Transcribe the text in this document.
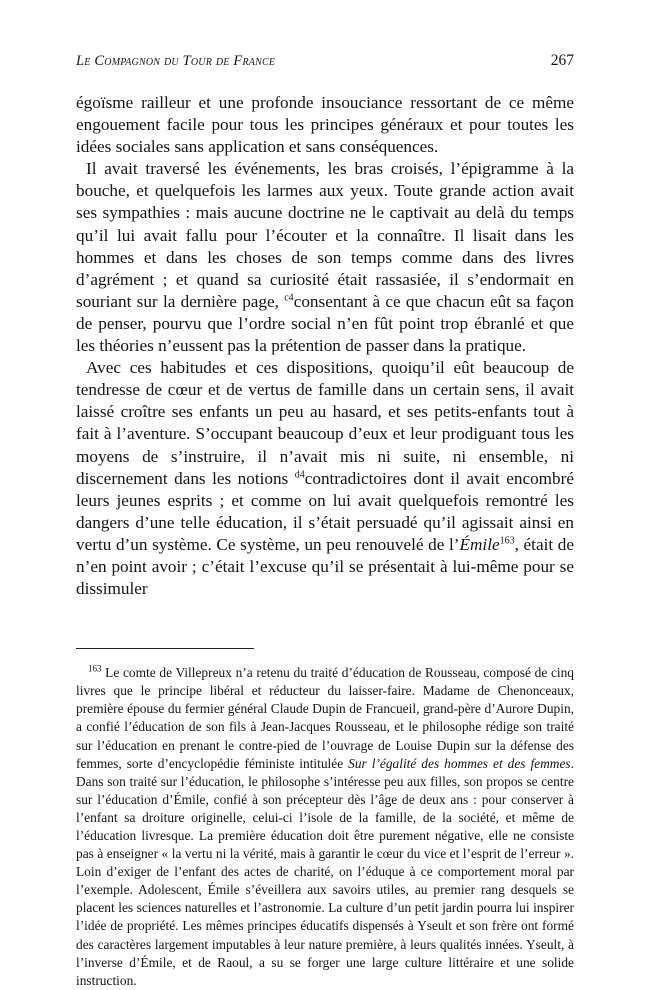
Le Compagnon du Tour de France	267

égoïsme railleur et une profonde insouciance ressortant de ce même engouement facile pour tous les principes généraux et pour toutes les idées sociales sans application et sans conséquences.

Il avait traversé les événements, les bras croisés, l’épigramme à la bouche, et quelquefois les larmes aux yeux. Toute grande action avait ses sympathies : mais aucune doctrine ne le captivait au delà du temps qu’il lui avait fallu pour l’écouter et la connaître. Il lisait dans les hommes et dans les choses de son temps comme dans des livres d’agrément ; et quand sa curiosité était rassasiée, il s’endormait en souriant sur la dernière page, $^{c4}$consentant à ce que chacun eût sa façon de penser, pourvu que l’ordre social n’en fût point trop ébranlé et que les théories n’eussent pas la prétention de passer dans la pratique.

Avec ces habitudes et ces dispositions, quoiqu’il eût beaucoup de tendresse de cœur et de vertus de famille dans un certain sens, il avait laissé croître ses enfants un peu au hasard, et ses petits-enfants tout à fait à l’aventure. S’occupant beaucoup d’eux et leur prodiguant tous les moyens de s’instruire, il n’avait mis ni suite, ni ensemble, ni discernement dans les notions $^{d4}$contradictoires dont il avait encombré leurs jeunes esprits ; et comme on lui avait quelquefois remontré les dangers d’une telle éducation, il s’était persuadé qu’il agissait ainsi en vertu d’un système. Ce système, un peu renouvelé de l’Émile$^{163}$, était de n’en point avoir ; c’était l’excuse qu’il se présentait à lui-même pour se dissimuler

$^{163}$ Le comte de Villepreux n’a retenu du traité d’éducation de Rousseau, composé de cinq livres que le principe libéral et réducteur du laisser-faire. Madame de Chenonceaux, première épouse du fermier général Claude Dupin de Francueil, grand-père d’Aurore Dupin, a confié l’éducation de son fils à Jean-Jacques Rousseau, et le philosophe rédige son traité sur l’éducation en prenant le contre-pied de l’ouvrage de Louise Dupin sur la défense des femmes, sorte d’encyclopédie féministe intitulée Sur l’égalité des hommes et des femmes. Dans son traité sur l’éducation, le philosophe s’intéresse peu aux filles, son propos se centre sur l’éducation d’Émile, confié à son précepteur dès l’âge de deux ans : pour conserver à l’enfant sa droiture originelle, celui-ci l’isole de la famille, de la société, et même de l’éducation livresque. La première éducation doit être purement négative, elle ne consiste pas à enseigner « la vertu ni la vérité, mais à garantir le cœur du vice et l’esprit de l’erreur ». Loin d’exiger de l’enfant des actes de charité, on l’éduque à ce comportement moral par l’exemple. Adolescent, Émile s’éveillera aux savoirs utiles, au premier rang desquels se placent les sciences naturelles et l’astronomie. La culture d’un petit jardin pourra lui inspirer l’idée de propriété. Les mêmes principes éducatifs dispensés à Yseult et son frère ont formé des caractères largement imputables à leur nature première, à leurs qualités innées. Yseult, à l’inverse d’Émile, et de Raoul, a su se forger une large culture littéraire et une solide instruction.
